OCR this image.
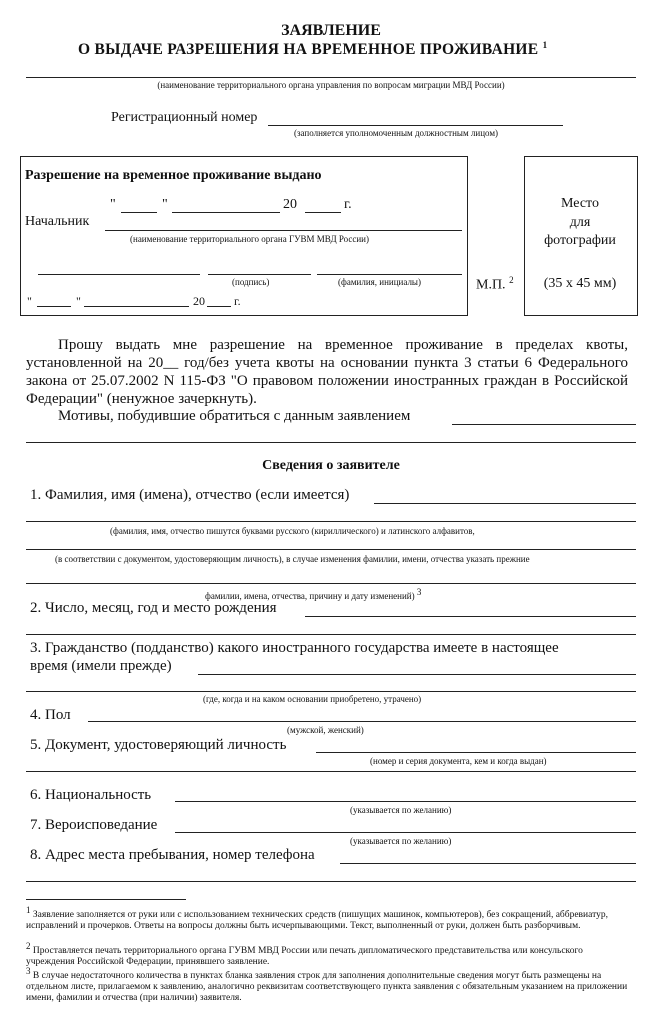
ЗАЯВЛЕНИЕ
О ВЫДАЧЕ РАЗРЕШЕНИЯ НА ВРЕМЕННОЕ ПРОЖИВАНИЕ $^1$
(наименование территориального органа управления по вопросам миграции МВД России)
Регистрационный номер
(заполняется уполномоченным должностным лицом)
Разрешение на временное проживание выдано
"	"	20	г.
Начальник
(наименование территориального органа ГУВМ МВД России)
(подпись)	(фамилия, инициалы)
"	"	20 г.
М.П. $^2$
Место
для
фотографии
(35 х 45 мм)
Прошу выдать мне разрешение на временное проживание в пределах квоты, установленной на 20__ год/без учета квоты на основании пункта 3 статьи 6 Федерального закона от 25.07.2002 N 115-ФЗ "О правовом положении иностранных граждан в Российской Федерации" (ненужное зачеркнуть).
Мотивы, побудившие обратиться с данным заявлением
Сведения о заявителе
1. Фамилия, имя (имена), отчество (если имеется)
(фамилия, имя, отчество пишутся буквами русского (кириллического) и латинского алфавитов,
(в соответствии с документом, удостоверяющим личность), в случае изменения фамилии, имени, отчества указать прежние
фамилии, имена, отчества, причину и дату изменений) $^3$
2. Число, месяц, год и место рождения
3. Гражданство (подданство) какого иностранного государства имеете в настоящее
время (имели прежде)
(где, когда и на каком основании приобретено, утрачено)
4. Пол
(мужской, женский)
5. Документ, удостоверяющий личность
(номер и серия документа, кем и когда выдан)
6. Национальность
(указывается по желанию)
7. Вероисповедание
(указывается по желанию)
8. Адрес места пребывания, номер телефона
$^1$ Заявление заполняется от руки или с использованием технических средств (пишущих машинок, компьютеров), без сокращений, аббревиатур, исправлений и прочерков. Ответы на вопросы должны быть исчерпывающими. Текст, выполненный от руки, должен быть разборчивым.
$^2$ Проставляется печать территориального органа ГУВМ МВД России или печать дипломатического представительства или консульского учреждения Российской Федерации, принявшего заявление.
$^3$ В случае недостаточного количества в пунктах бланка заявления строк для заполнения дополнительные сведения могут быть размещены на отдельном листе, прилагаемом к заявлению, аналогично реквизитам соответствующего пункта заявления с обязательным указанием на приложении имени, фамилии и отчества (при наличии) заявителя.
